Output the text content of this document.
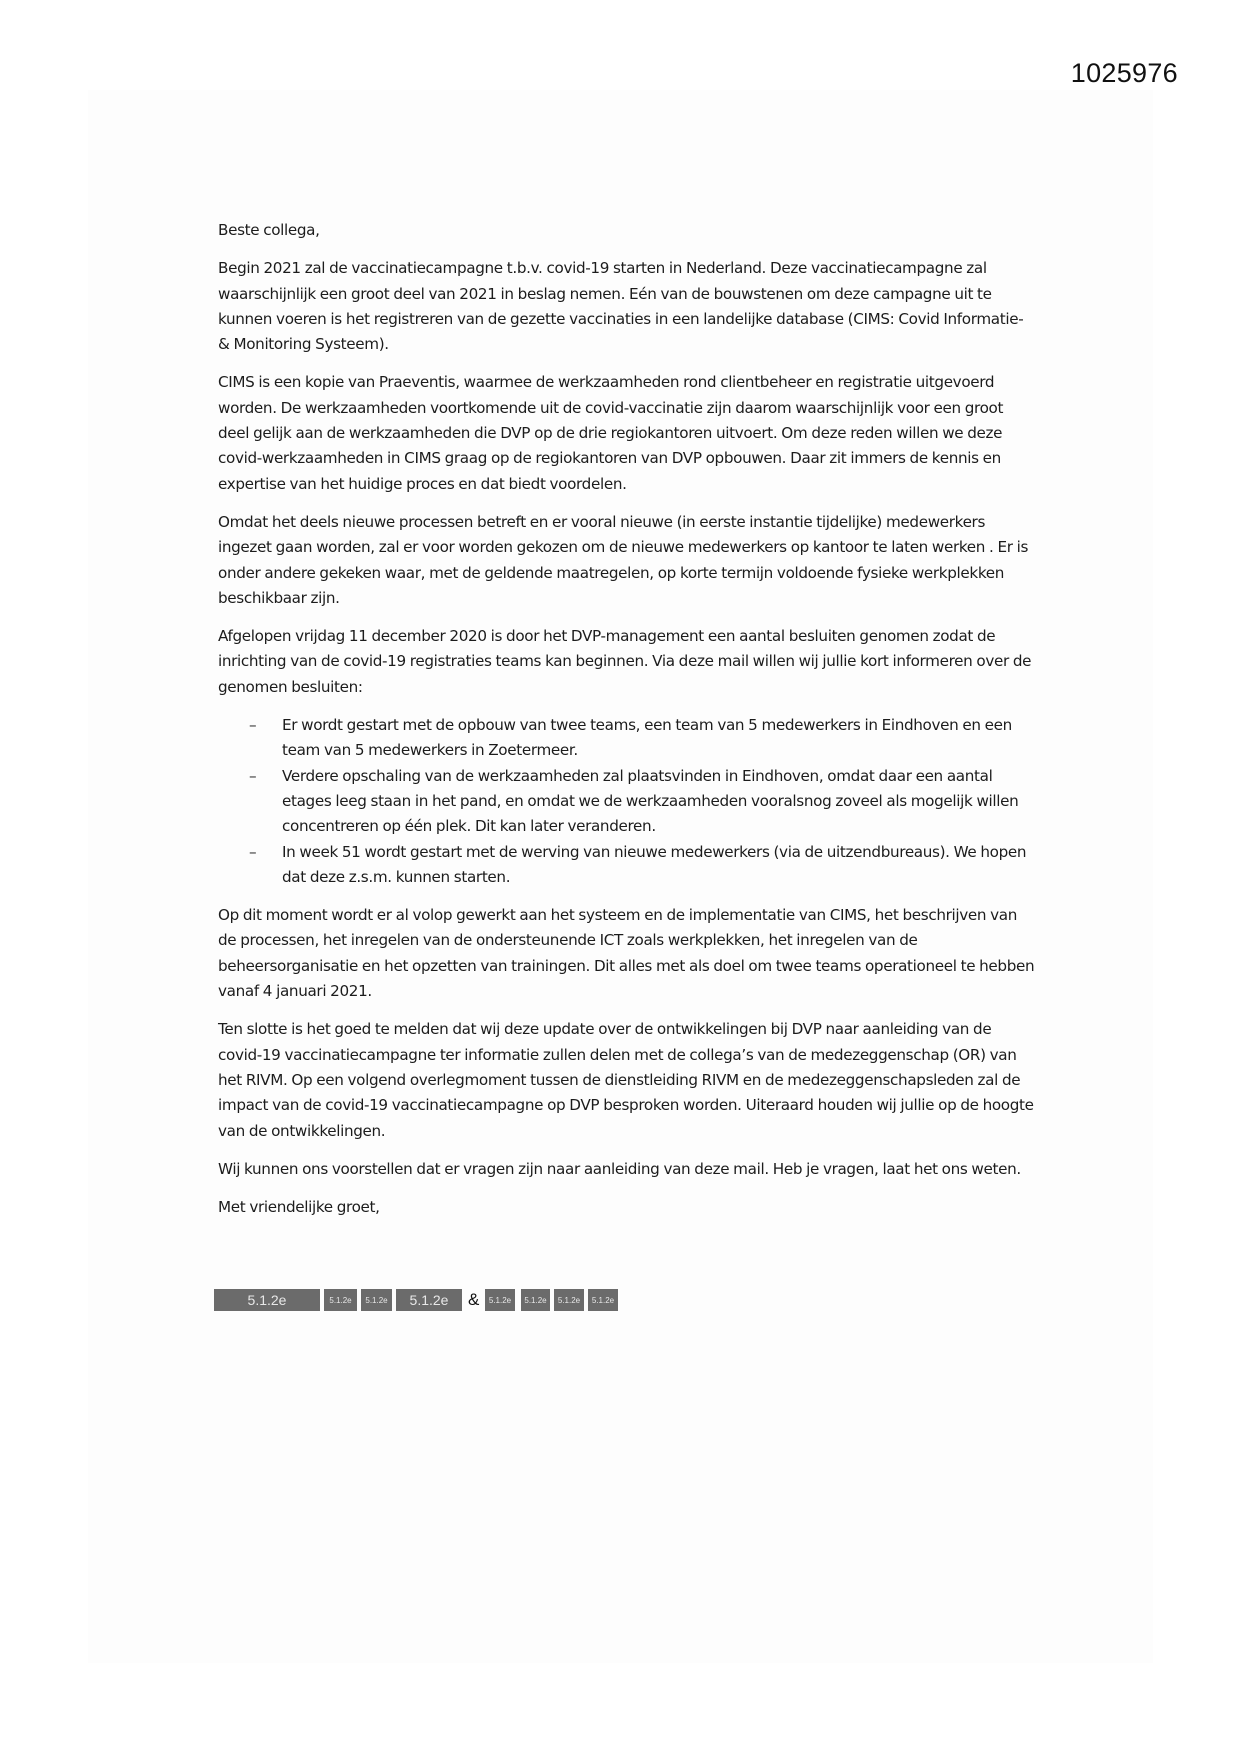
1025976

Beste collega,

Begin 2021 zal de vaccinatiecampagne t.b.v. covid-19 starten in Nederland. Deze vaccinatiecampagne zal waarschijnlijk een groot deel van 2021 in beslag nemen. Eén van de bouwstenen om deze campagne uit te kunnen voeren is het registreren van de gezette vaccinaties in een landelijke database (CIMS: Covid Informatie- & Monitoring Systeem).

CIMS is een kopie van Praeventis, waarmee de werkzaamheden rond clientbeheer en registratie uitgevoerd worden. De werkzaamheden voortkomende uit de covid-vaccinatie zijn daarom waarschijnlijk voor een groot deel gelijk aan de werkzaamheden die DVP op de drie regiokantoren uitvoert. Om deze reden willen we deze covid-werkzaamheden in CIMS graag op de regiokantoren van DVP opbouwen. Daar zit immers de kennis en expertise van het huidige proces en dat biedt voordelen.

Omdat het deels nieuwe processen betreft en er vooral nieuwe (in eerste instantie tijdelijke) medewerkers ingezet gaan worden, zal er voor worden gekozen om de nieuwe medewerkers op kantoor te laten werken . Er is onder andere gekeken waar, met de geldende maatregelen, op korte termijn voldoende fysieke werkplekken beschikbaar zijn.

Afgelopen vrijdag 11 december 2020 is door het DVP-management een aantal besluiten genomen zodat de inrichting van de covid-19 registraties teams kan beginnen. Via deze mail willen wij jullie kort informeren over de genomen besluiten:

– Er wordt gestart met de opbouw van twee teams, een team van 5 medewerkers in Eindhoven en een team van 5 medewerkers in Zoetermeer.
– Verdere opschaling van de werkzaamheden zal plaatsvinden in Eindhoven, omdat daar een aantal etages leeg staan in het pand, en omdat we de werkzaamheden vooralsnog zoveel als mogelijk willen concentreren op één plek. Dit kan later veranderen.
– In week 51 wordt gestart met de werving van nieuwe medewerkers (via de uitzendbureaus). We hopen dat deze z.s.m. kunnen starten.

Op dit moment wordt er al volop gewerkt aan het systeem en de implementatie van CIMS, het beschrijven van de processen, het inregelen van de ondersteunende ICT zoals werkplekken, het inregelen van de beheersorganisatie en het opzetten van trainingen. Dit alles met als doel om twee teams operationeel te hebben vanaf 4 januari 2021.

Ten slotte is het goed te melden dat wij deze update over de ontwikkelingen bij DVP naar aanleiding van de covid-19 vaccinatiecampagne ter informatie zullen delen met de collega’s van de medezeggenschap (OR) van het RIVM. Op een volgend overlegmoment tussen de dienstleiding RIVM en de medezeggenschapsleden zal de impact van de covid-19 vaccinatiecampagne op DVP besproken worden. Uiteraard houden wij jullie op de hoogte van de ontwikkelingen.

Wij kunnen ons voorstellen dat er vragen zijn naar aanleiding van deze mail. Heb je vragen, laat het ons weten.

Met vriendelijke groet,

5.1.2e	5.1.2e	5.1.2e	5.1.2e	&	5.1.2e	5.1.2e	5.1.2e	5.1.2e
